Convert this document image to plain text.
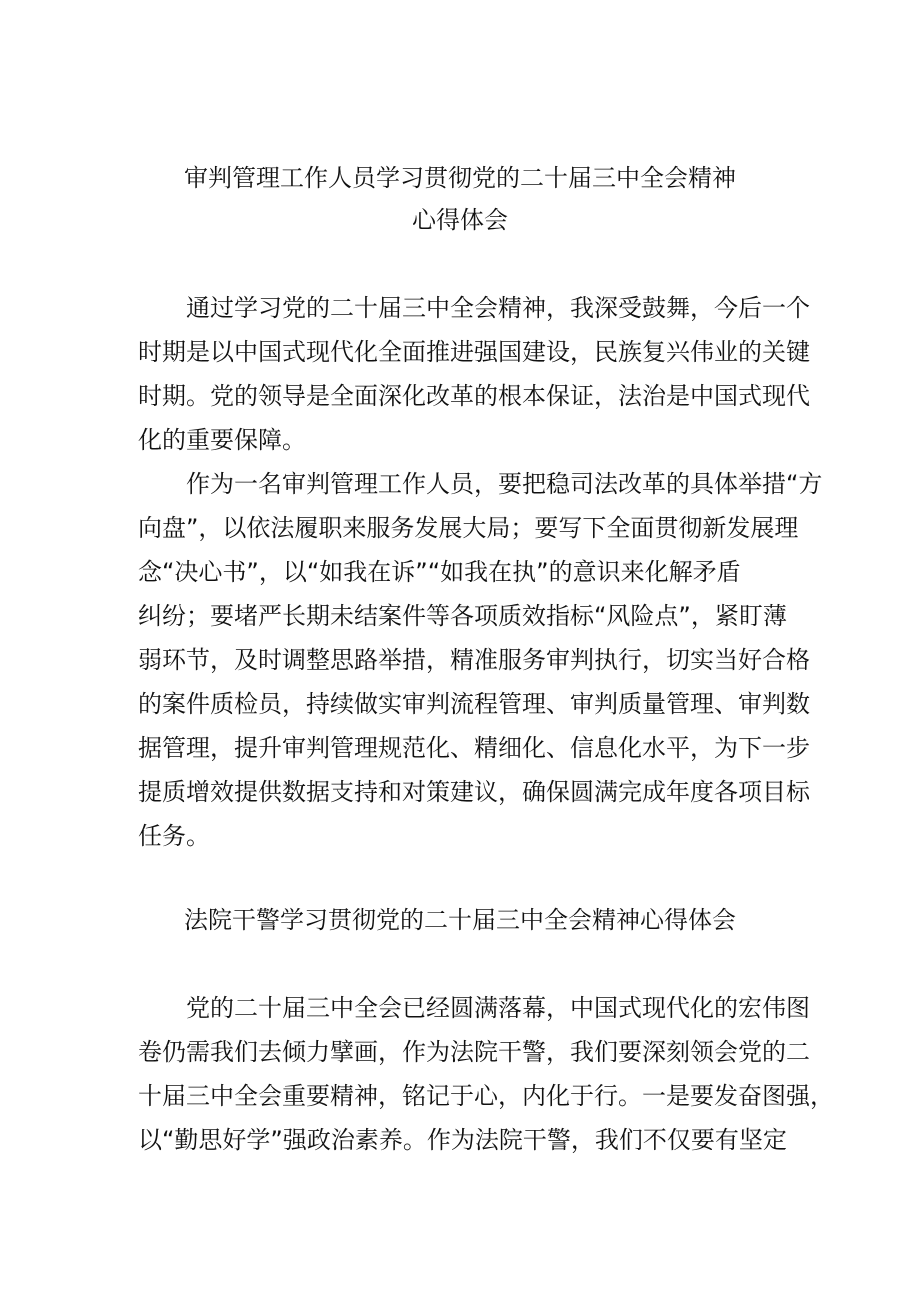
审判管理工作人员学习贯彻党的二十届三中全会精神
心得体会
通过学习党的二十届三中全会精神，我深受鼓舞，今后一个
时期是以中国式现代化全面推进强国建设，民族复兴伟业的关键
时期。党的领导是全面深化改革的根本保证，法治是中国式现代
化的重要保障。
作为一名审判管理工作人员，要把稳司法改革的具体举措“方
向盘”，以依法履职来服务发展大局；要写下全面贯彻新发展理
念“决心书”，以“如我在诉”“如我在执”的意识来化解矛盾
纠纷；要堵严长期未结案件等各项质效指标“风险点”，紧盯薄
弱环节，及时调整思路举措，精准服务审判执行，切实当好合格
的案件质检员，持续做实审判流程管理、审判质量管理、审判数
据管理，提升审判管理规范化、精细化、信息化水平，为下一步
提质增效提供数据支持和对策建议，确保圆满完成年度各项目标
任务。
法院干警学习贯彻党的二十届三中全会精神心得体会
党的二十届三中全会已经圆满落幕，中国式现代化的宏伟图
卷仍需我们去倾力擘画，作为法院干警，我们要深刻领会党的二
十届三中全会重要精神，铭记于心，内化于行。一是要发奋图强，
以“勤思好学”强政治素养。作为法院干警，我们不仅要有坚定
